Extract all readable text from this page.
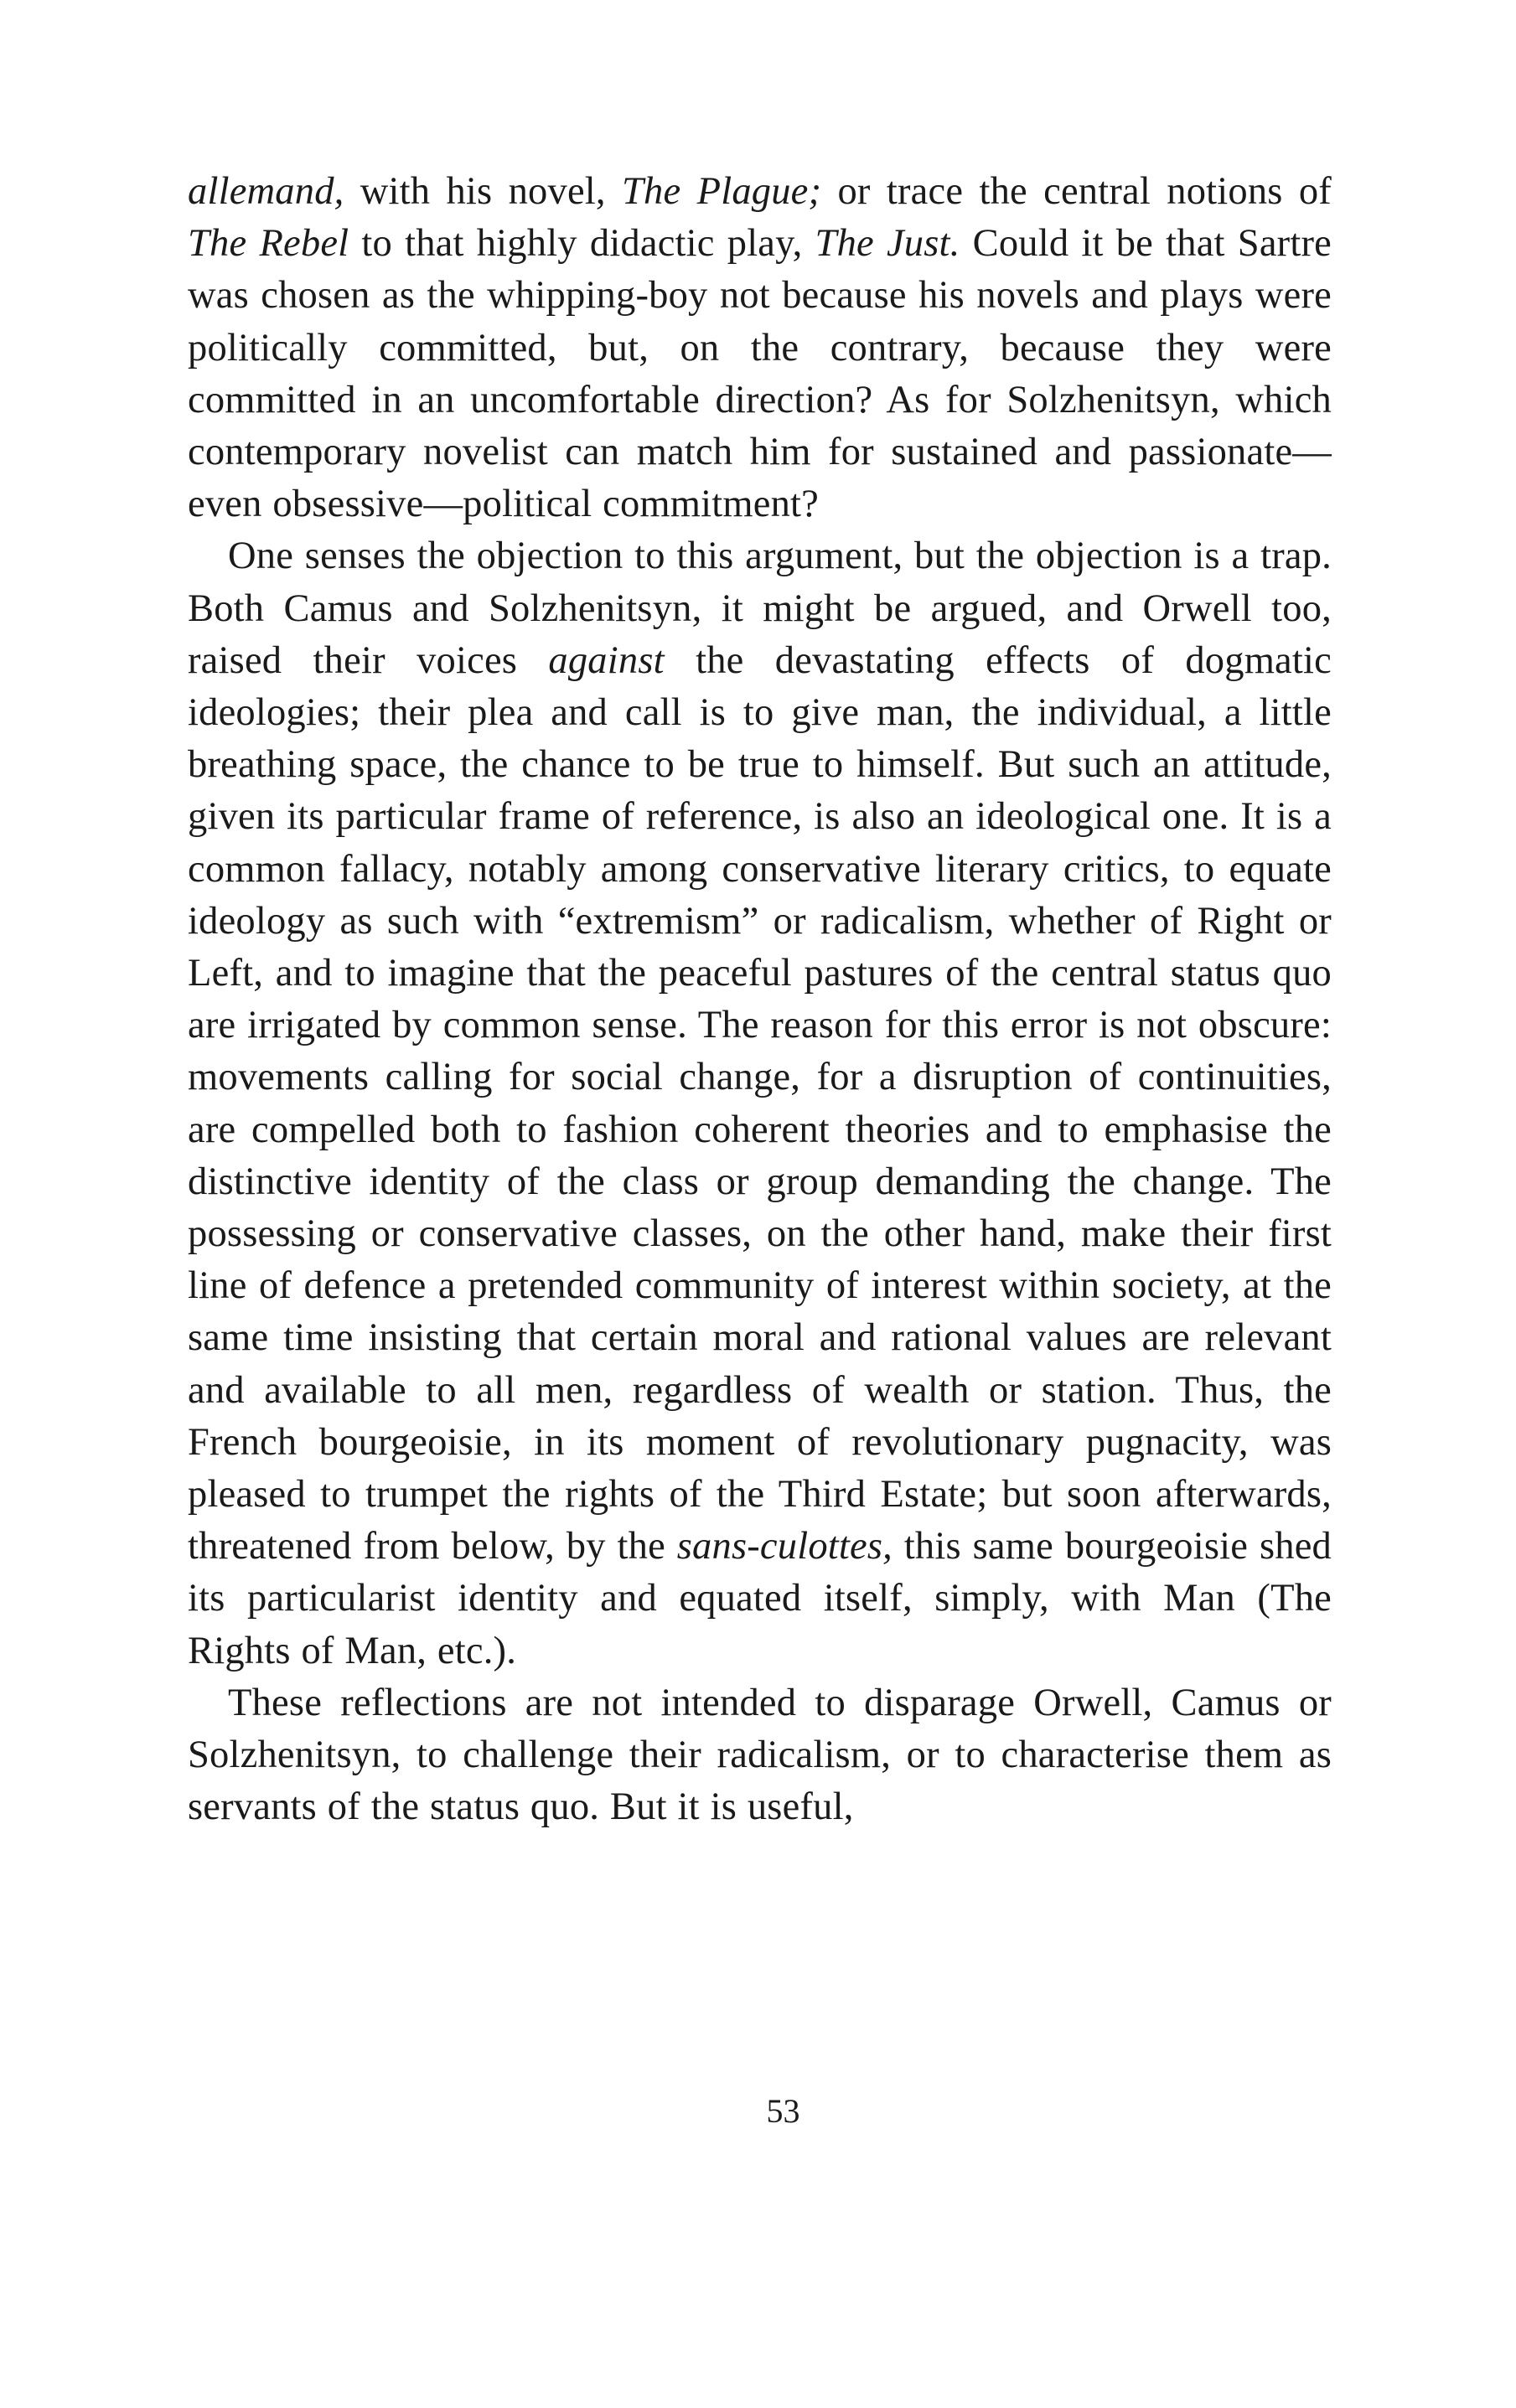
allemand, with his novel, The Plague; or trace the central notions of The Rebel to that highly didactic play, The Just. Could it be that Sartre was chosen as the whipping-boy not because his novels and plays were politically committed, but, on the contrary, because they were committed in an uncomfortable direction? As for Solzhenitsyn, which contemporary novelist can match him for sustained and passionate—even obsessive—political commitment?

One senses the objection to this argument, but the objection is a trap. Both Camus and Solzhenitsyn, it might be argued, and Orwell too, raised their voices against the devastating effects of dogmatic ideologies; their plea and call is to give man, the individual, a little breathing space, the chance to be true to himself. But such an attitude, given its particular frame of reference, is also an ideological one. It is a common fallacy, notably among conservative literary critics, to equate ideology as such with “extremism” or radicalism, whether of Right or Left, and to imagine that the peaceful pastures of the central status quo are irrigated by common sense. The reason for this error is not obscure: movements calling for social change, for a disruption of continuities, are compelled both to fashion coherent theories and to emphasise the distinctive identity of the class or group demanding the change. The possessing or conservative classes, on the other hand, make their first line of defence a pretended community of interest within society, at the same time insisting that certain moral and rational values are relevant and available to all men, regardless of wealth or station. Thus, the French bourgeoisie, in its moment of revolutionary pugnacity, was pleased to trumpet the rights of the Third Estate; but soon afterwards, threatened from below, by the sans-culottes, this same bourgeoisie shed its particularist identity and equated itself, simply, with Man (The Rights of Man, etc.).

These reflections are not intended to disparage Orwell, Camus or Solzhenitsyn, to challenge their radicalism, or to characterise them as servants of the status quo. But it is useful,

53
